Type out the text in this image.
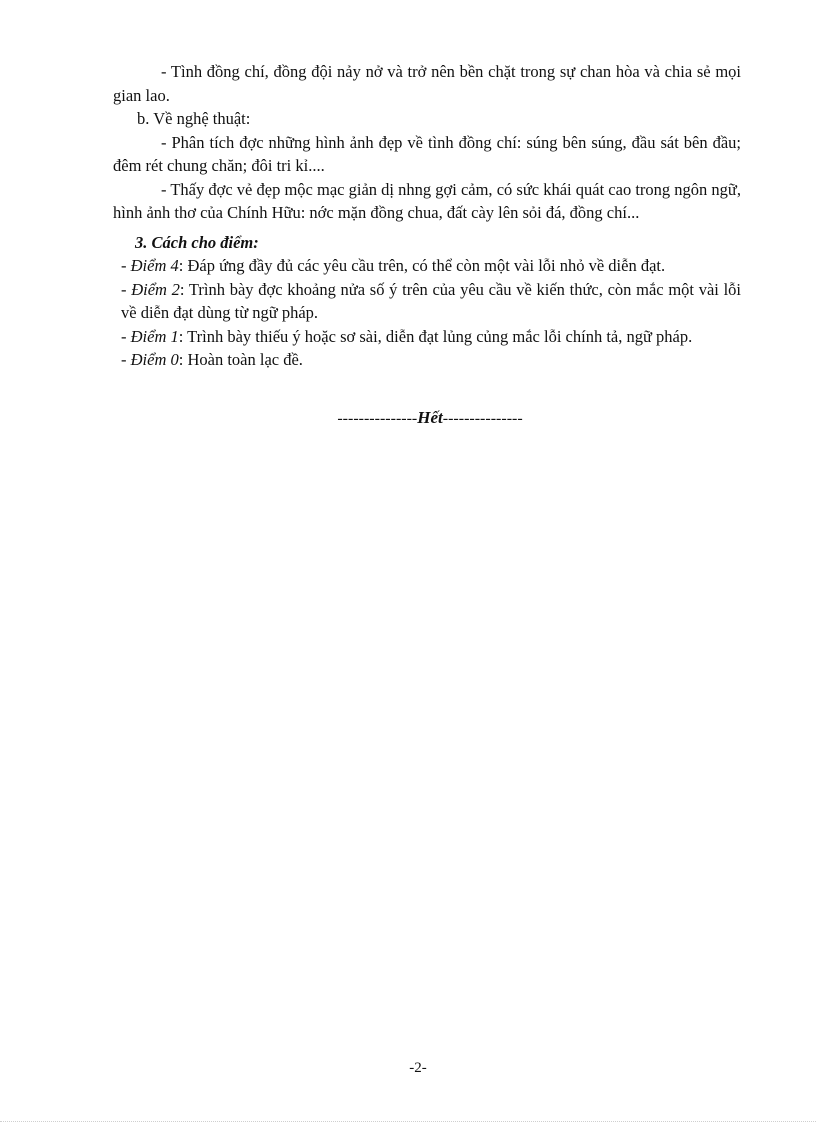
- Tình đồng chí, đồng đội nảy nở và trở nên bền chặt trong sự chan hòa và chia sẻ mọi gian lao.

b. Về nghệ thuật:

- Phân tích đợc những hình ảnh đẹp về tình đồng chí: súng bên súng, đầu sát bên đầu; đêm rét chung chăn; đôi tri kỉ....

- Thấy đợc vẻ đẹp mộc mạc giản dị nhng gợi cảm, có sức khái quát cao trong ngôn ngữ, hình ảnh thơ của Chính Hữu: nớc mặn đồng chua, đất cày lên sỏi đá, đồng chí...

3. Cách cho điểm:

- Điểm 4: Đáp ứng đầy đủ các yêu cầu trên, có thể còn một vài lỗi nhỏ về diễn đạt.

- Điểm 2: Trình bày đợc khoảng nửa số ý trên của yêu cầu về kiến thức, còn mắc một vài lỗi về diễn đạt dùng từ ngữ pháp.

- Điểm 1: Trình bày thiếu ý hoặc sơ sài, diễn đạt lủng củng mắc lỗi chính tả, ngữ pháp.

- Điểm 0: Hoàn toàn lạc đề.

---------------Hết---------------
-2-
